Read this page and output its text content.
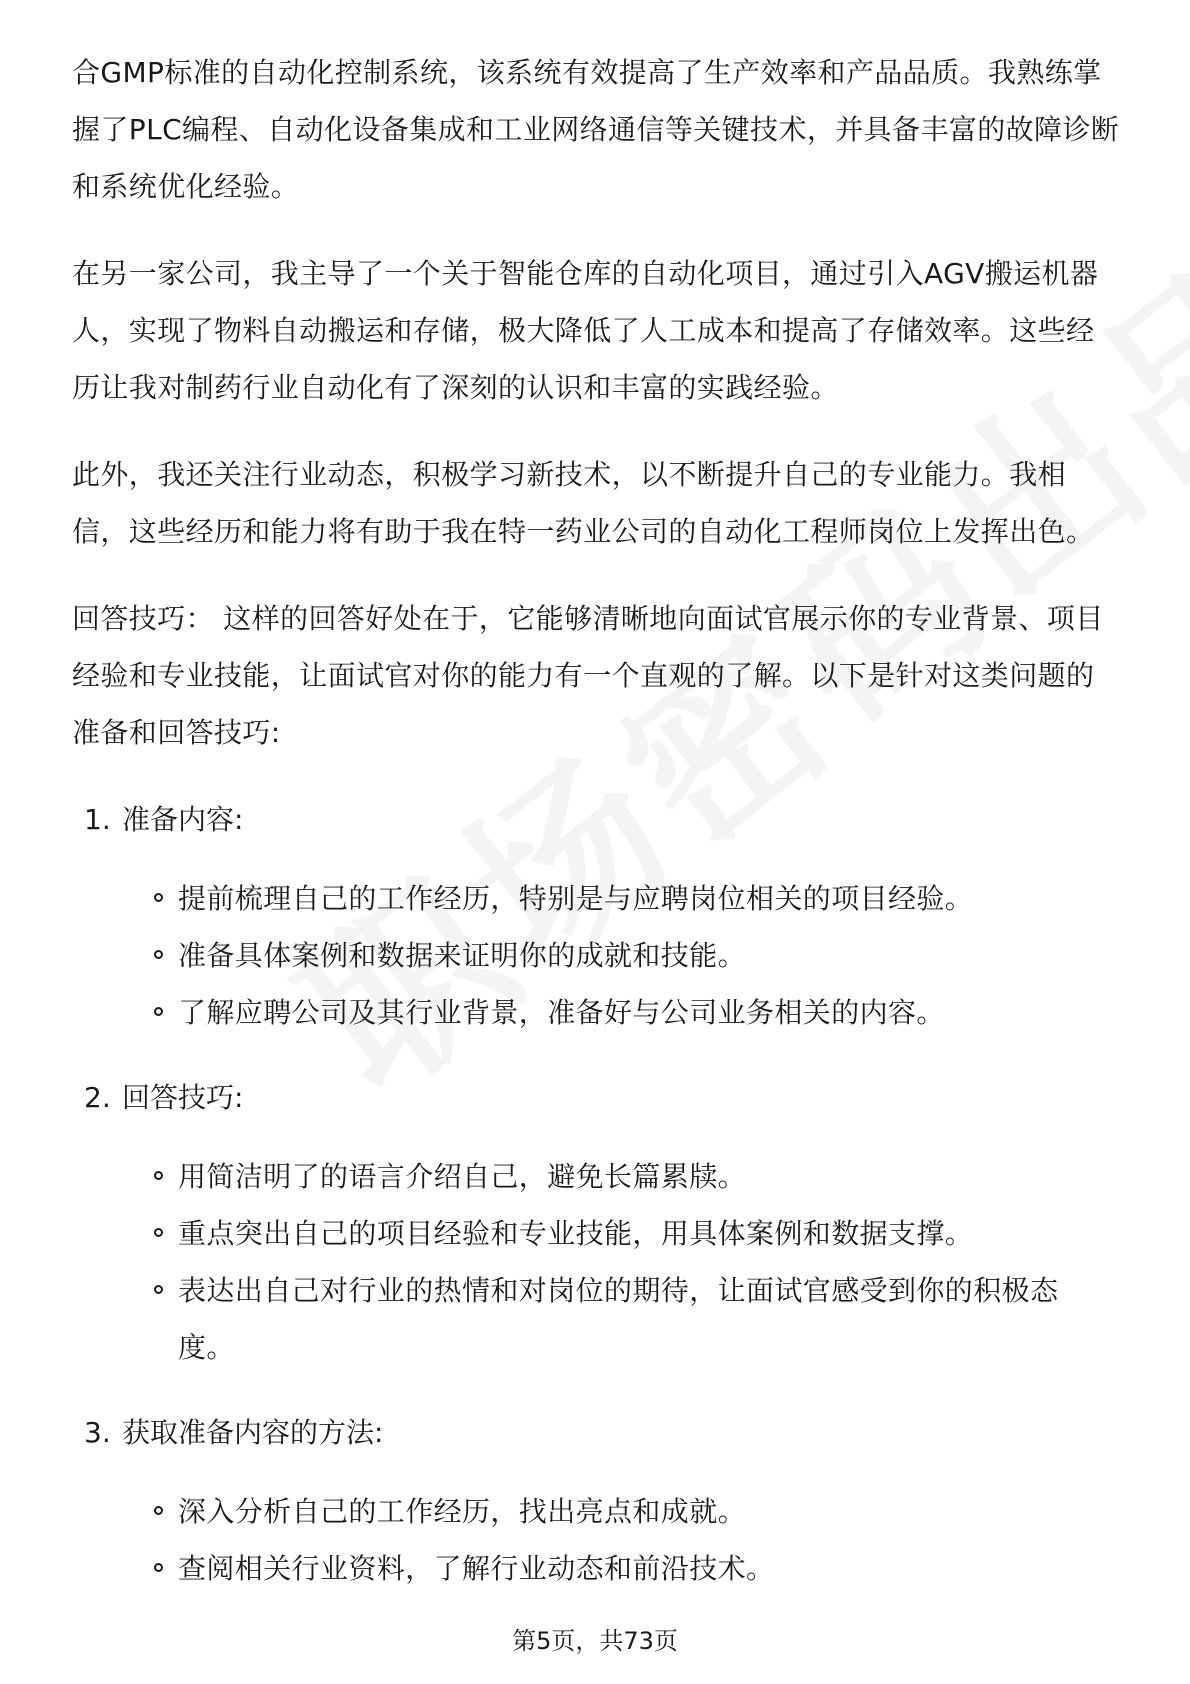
合GMP标准的自动化控制系统，该系统有效提高了生产效率和产品品质。我熟练掌握了PLC编程、自动化设备集成和工业网络通信等关键技术，并具备丰富的故障诊断和系统优化经验。

在另一家公司，我主导了一个关于智能仓库的自动化项目，通过引入AGV搬运机器人，实现了物料自动搬运和存储，极大降低了人工成本和提高了存储效率。这些经历让我对制药行业自动化有了深刻的认识和丰富的实践经验。

此外，我还关注行业动态，积极学习新技术，以不断提升自己的专业能力。我相信，这些经历和能力将有助于我在特一药业公司的自动化工程师岗位上发挥出色。

回答技巧： 这样的回答好处在于，它能够清晰地向面试官展示你的专业背景、项目经验和专业技能，让面试官对你的能力有一个直观的了解。以下是针对这类问题的准备和回答技巧:

1. 准备内容:
提前梳理自己的工作经历，特别是与应聘岗位相关的项目经验。
准备具体案例和数据来证明你的成就和技能。
了解应聘公司及其行业背景，准备好与公司业务相关的内容。
2. 回答技巧:
用简洁明了的语言介绍自己，避免长篇累牍。
重点突出自己的项目经验和专业技能，用具体案例和数据支撑。
表达出自己对行业的热情和对岗位的期待，让面试官感受到你的积极态度。
3. 获取准备内容的方法:
深入分析自己的工作经历，找出亮点和成就。
查阅相关行业资料，了解行业动态和前沿技术。
第5页，共73页
